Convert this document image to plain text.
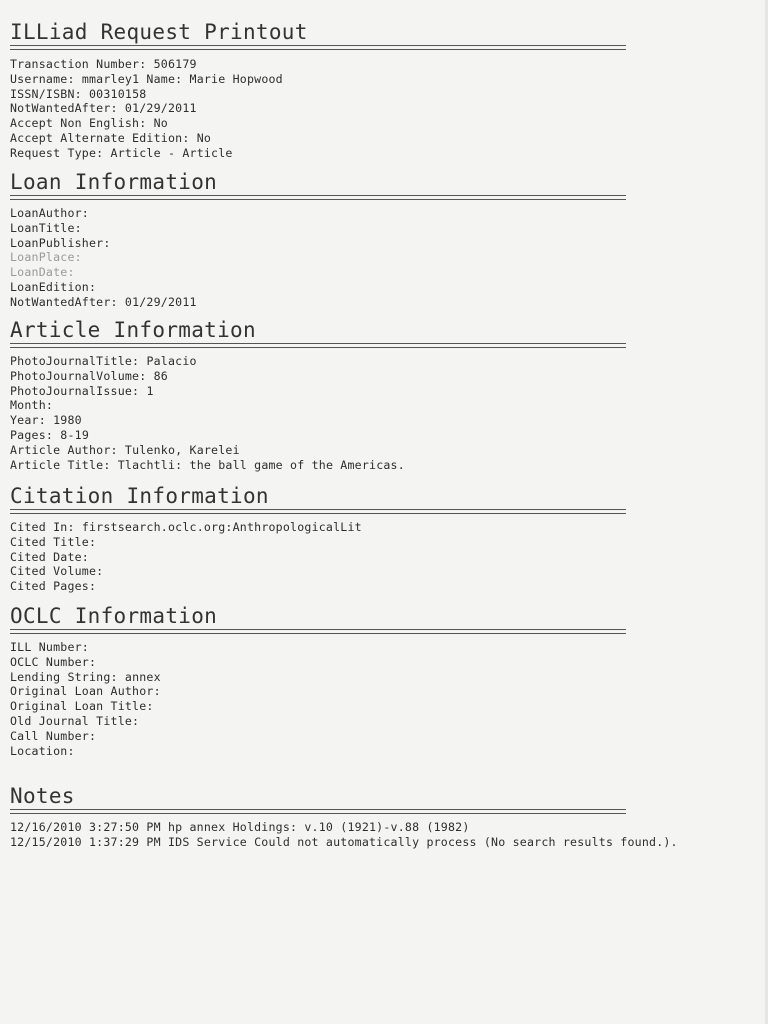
ILLiad Request Printout
Transaction Number: 506179
Username: mmarley1 Name: Marie Hopwood
ISSN/ISBN: 00310158
NotWantedAfter: 01/29/2011
Accept Non English: No
Accept Alternate Edition: No
Request Type: Article - Article
Loan Information
LoanAuthor:
LoanTitle:
LoanPublisher:
LoanPlace:
LoanDate:
LoanEdition:
NotWantedAfter: 01/29/2011
Article Information
PhotoJournalTitle: Palacio
PhotoJournalVolume: 86
PhotoJournalIssue: 1
Month:
Year: 1980
Pages: 8-19
Article Author: Tulenko, Karelei
Article Title: Tlachtli: the ball game of the Americas.
Citation Information
Cited In: firstsearch.oclc.org:AnthropologicalLit
Cited Title:
Cited Date:
Cited Volume:
Cited Pages:
OCLC Information
ILL Number:
OCLC Number:
Lending String: annex
Original Loan Author:
Original Loan Title:
Old Journal Title:
Call Number:
Location:
Notes
12/16/2010 3:27:50 PM hp annex Holdings: v.10 (1921)-v.88 (1982)
12/15/2010 1:37:29 PM IDS Service Could not automatically process (No search results found.).
